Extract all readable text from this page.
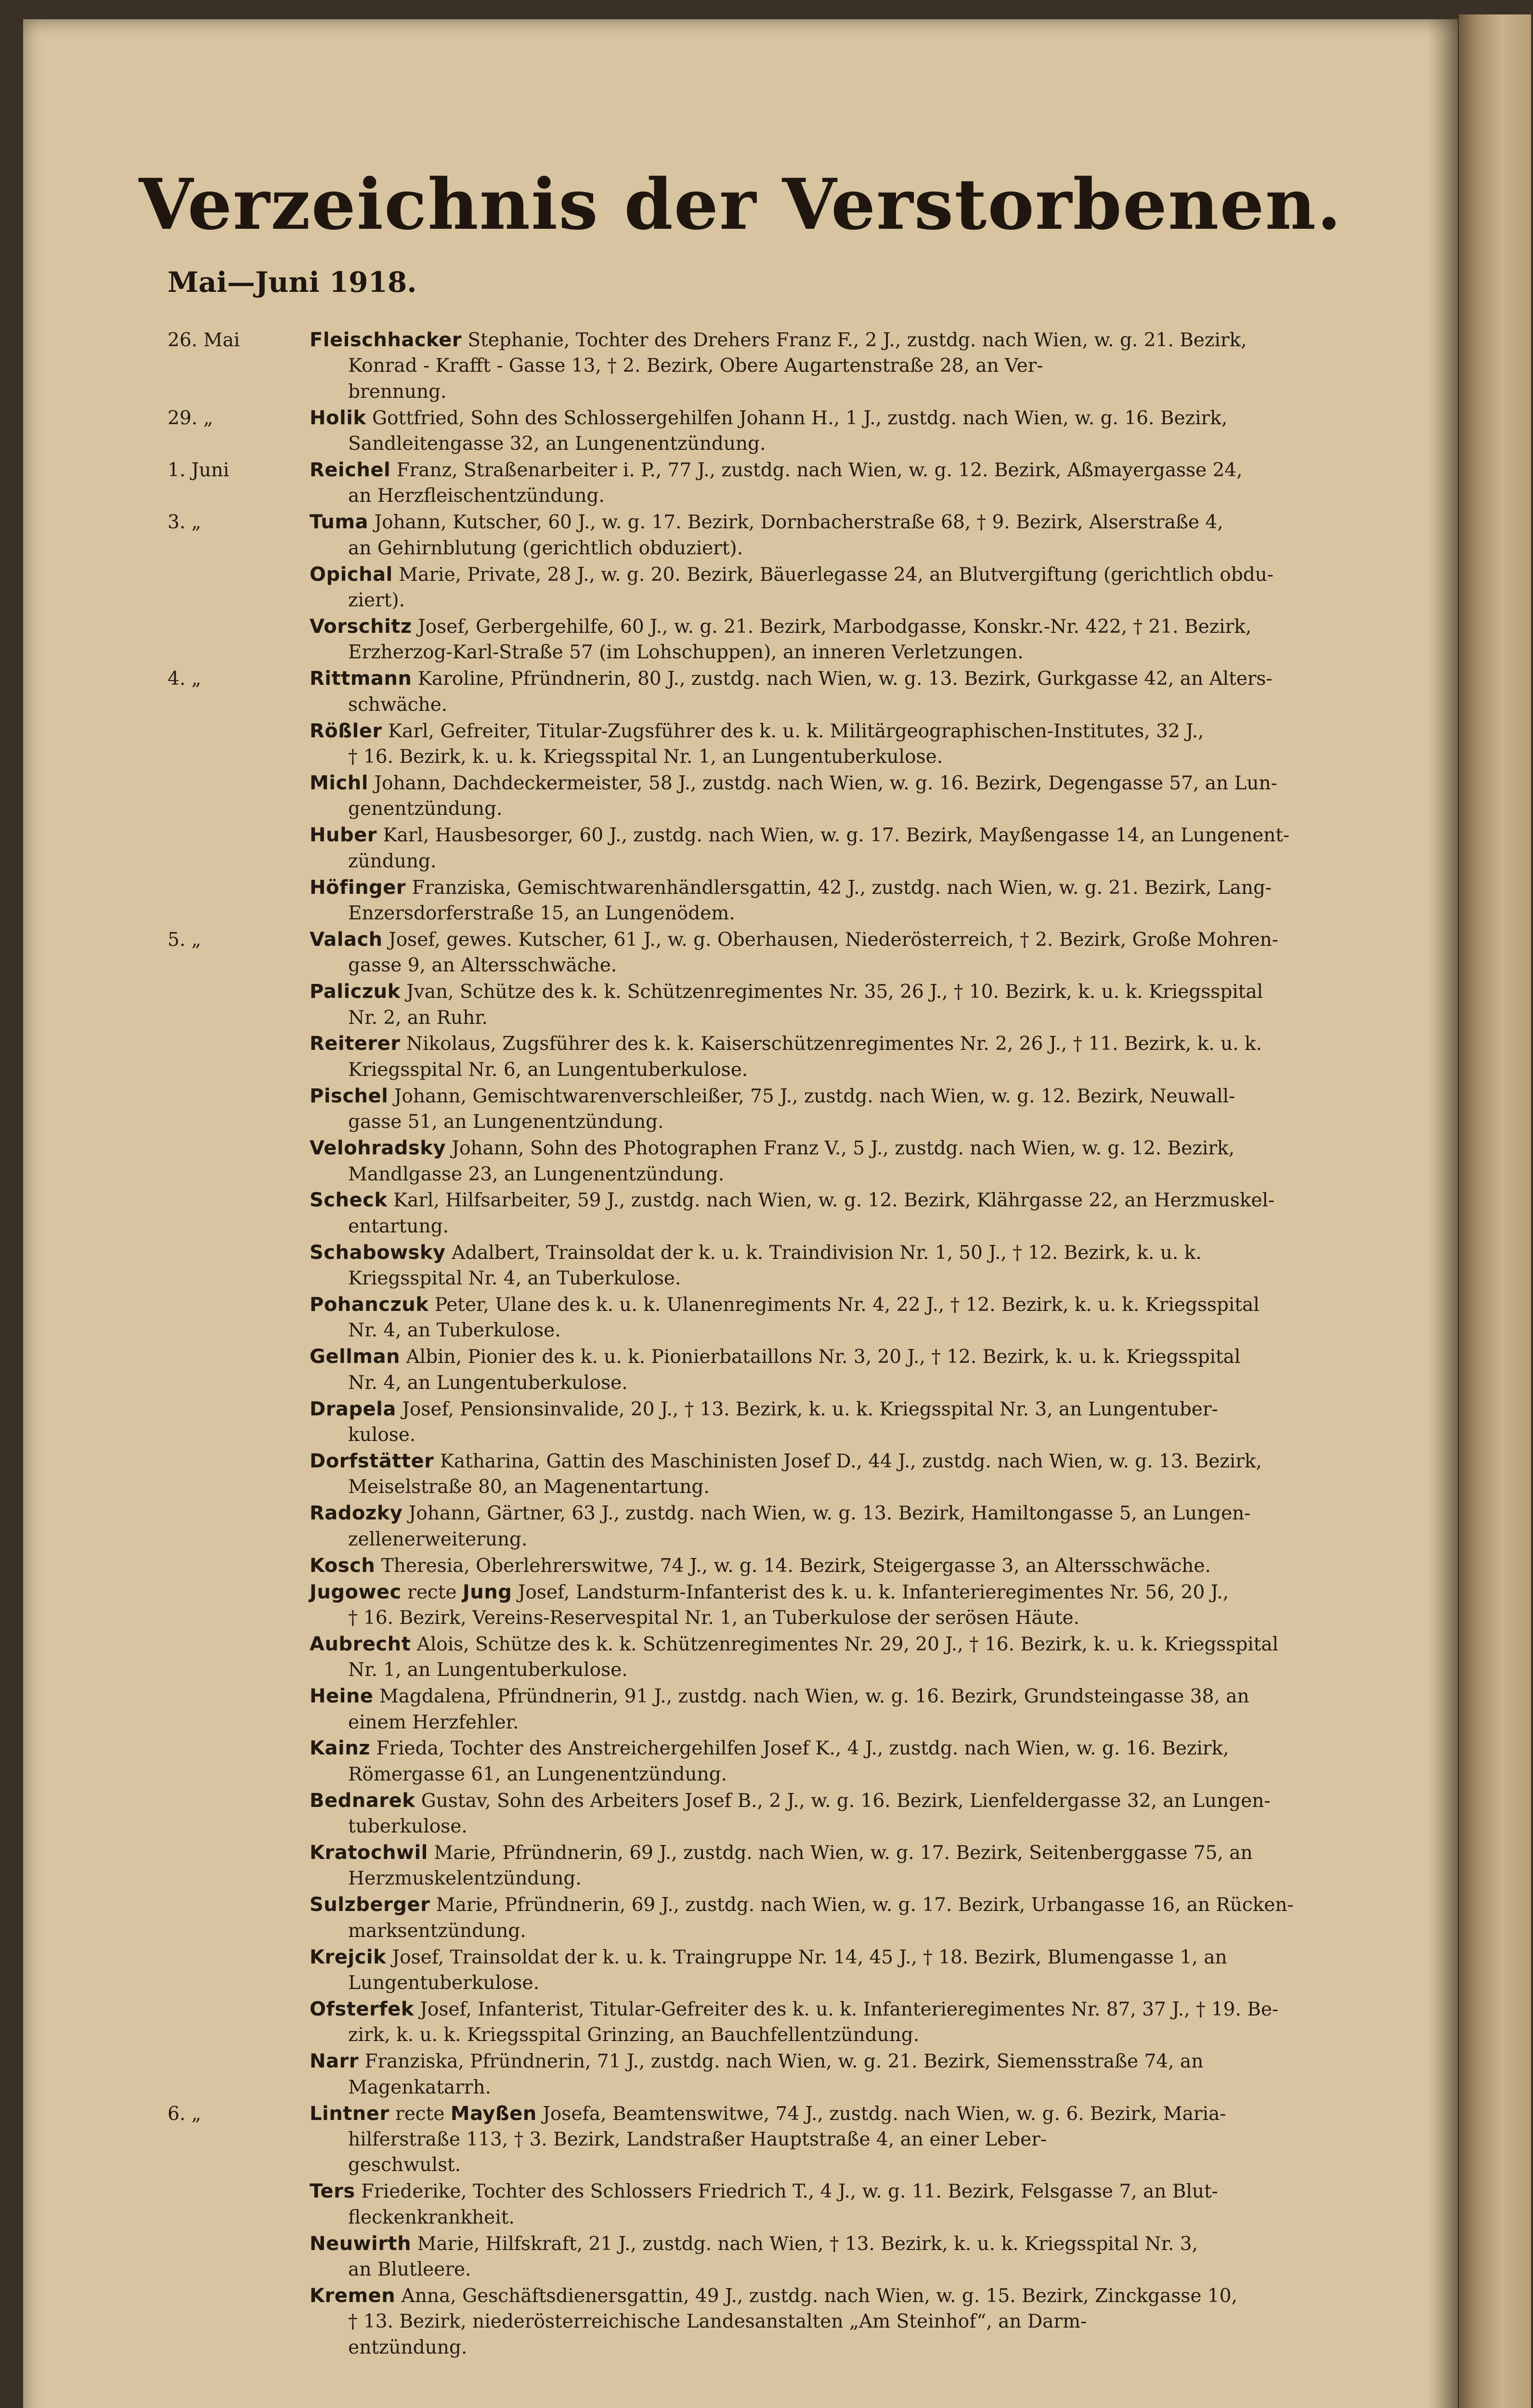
Verzeichnis der Verstorbenen.
Mai—Juni 1918.
26. Mai	Fleischhacker Stephanie, Tochter des Drehers Franz F., 2 J., zustdg. nach Wien, w. g. 21. Bezirk,
Konrad - Krafft - Gasse 13, † 2. Bezirk, Obere Augartenstraße 28, an Ver-
brennung.
29. „	Holik Gottfried, Sohn des Schlossergehilfen Johann H., 1 J., zustdg. nach Wien, w. g. 16. Bezirk,
Sandleitengasse 32, an Lungenentzündung.
1. Juni	Reichel Franz, Straßenarbeiter i. P., 77 J., zustdg. nach Wien, w. g. 12. Bezirk, Aßmayergasse 24,
an Herzfleischentzündung.
3. „	Tuma Johann, Kutscher, 60 J., w. g. 17. Bezirk, Dornbacherstraße 68, † 9. Bezirk, Alserstraße 4,
an Gehirnblutung (gerichtlich obduziert).
Opichal Marie, Private, 28 J., w. g. 20. Bezirk, Bäuerlegasse 24, an Blutvergiftung (gerichtlich obdu-
ziert).
Vorschitz Josef, Gerbergehilfe, 60 J., w. g. 21. Bezirk, Marbodgasse, Konskr.-Nr. 422, † 21. Bezirk,
Erzherzog-Karl-Straße 57 (im Lohschuppen), an inneren Verletzungen.
4. „	Rittmann Karoline, Pfründnerin, 80 J., zustdg. nach Wien, w. g. 13. Bezirk, Gurkgasse 42, an Alters-
schwäche.
Rößler Karl, Gefreiter, Titular-Zugsführer des k. u. k. Militärgeographischen-Institutes, 32 J.,
† 16. Bezirk, k. u. k. Kriegsspital Nr. 1, an Lungentuberkulose.
Michl Johann, Dachdeckermeister, 58 J., zustdg. nach Wien, w. g. 16. Bezirk, Degengasse 57, an Lun-
genentzündung.
Huber Karl, Hausbesorger, 60 J., zustdg. nach Wien, w. g. 17. Bezirk, Mayßengasse 14, an Lungenent-
zündung.
Höfinger Franziska, Gemischtwarenhändlersgattin, 42 J., zustdg. nach Wien, w. g. 21. Bezirk, Lang-
Enzersdorferstraße 15, an Lungenödem.
5. „	Valach Josef, gewes. Kutscher, 61 J., w. g. Oberhausen, Niederösterreich, † 2. Bezirk, Große Mohren-
gasse 9, an Altersschwäche.
Paliczuk Jvan, Schütze des k. k. Schützenregimentes Nr. 35, 26 J., † 10. Bezirk, k. u. k. Kriegsspital
Nr. 2, an Ruhr.
Reiterer Nikolaus, Zugsführer des k. k. Kaiserschützenregimentes Nr. 2, 26 J., † 11. Bezirk, k. u. k.
Kriegsspital Nr. 6, an Lungentuberkulose.
Pischel Johann, Gemischtwarenverschleißer, 75 J., zustdg. nach Wien, w. g. 12. Bezirk, Neuwall-
gasse 51, an Lungenentzündung.
Velohradsky Johann, Sohn des Photographen Franz V., 5 J., zustdg. nach Wien, w. g. 12. Bezirk,
Mandlgasse 23, an Lungenentzündung.
Scheck Karl, Hilfsarbeiter, 59 J., zustdg. nach Wien, w. g. 12. Bezirk, Klährgasse 22, an Herzmuskel-
entartung.
Schabowsky Adalbert, Trainsoldat der k. u. k. Traindivision Nr. 1, 50 J., † 12. Bezirk, k. u. k.
Kriegsspital Nr. 4, an Tuberkulose.
Pohanczuk Peter, Ulane des k. u. k. Ulanenregiments Nr. 4, 22 J., † 12. Bezirk, k. u. k. Kriegsspital
Nr. 4, an Tuberkulose.
Gellman Albin, Pionier des k. u. k. Pionierbataillons Nr. 3, 20 J., † 12. Bezirk, k. u. k. Kriegsspital
Nr. 4, an Lungentuberkulose.
Drapela Josef, Pensionsinvalide, 20 J., † 13. Bezirk, k. u. k. Kriegsspital Nr. 3, an Lungentuber-
kulose.
Dorfstätter Katharina, Gattin des Maschinisten Josef D., 44 J., zustdg. nach Wien, w. g. 13. Bezirk,
Meiselstraße 80, an Magenentartung.
Radozky Johann, Gärtner, 63 J., zustdg. nach Wien, w. g. 13. Bezirk, Hamiltongasse 5, an Lungen-
zellenerweiterung.
Kosch Theresia, Oberlehrerswitwe, 74 J., w. g. 14. Bezirk, Steigergasse 3, an Altersschwäche.
Jugowec recte Jung Josef, Landsturm-Infanterist des k. u. k. Infanterieregimentes Nr. 56, 20 J.,
† 16. Bezirk, Vereins-Reservespital Nr. 1, an Tuberkulose der serösen Häute.
Aubrecht Alois, Schütze des k. k. Schützenregimentes Nr. 29, 20 J., † 16. Bezirk, k. u. k. Kriegsspital
Nr. 1, an Lungentuberkulose.
Heine Magdalena, Pfründnerin, 91 J., zustdg. nach Wien, w. g. 16. Bezirk, Grundsteingasse 38, an
einem Herzfehler.
Kainz Frieda, Tochter des Anstreichergehilfen Josef K., 4 J., zustdg. nach Wien, w. g. 16. Bezirk,
Römergasse 61, an Lungenentzündung.
Bednarek Gustav, Sohn des Arbeiters Josef B., 2 J., w. g. 16. Bezirk, Lienfeldergasse 32, an Lungen-
tuberkulose.
Kratochwil Marie, Pfründnerin, 69 J., zustdg. nach Wien, w. g. 17. Bezirk, Seitenberggasse 75, an
Herzmuskelentzündung.
Sulzberger Marie, Pfründnerin, 69 J., zustdg. nach Wien, w. g. 17. Bezirk, Urbangasse 16, an Rücken-
marksentzündung.
Krejcik Josef, Trainsoldat der k. u. k. Traingruppe Nr. 14, 45 J., † 18. Bezirk, Blumengasse 1, an
Lungentuberkulose.
Ofsterfek Josef, Infanterist, Titular-Gefreiter des k. u. k. Infanterieregimentes Nr. 87, 37 J., † 19. Be-
zirk, k. u. k. Kriegsspital Grinzing, an Bauchfellentzündung.
Narr Franziska, Pfründnerin, 71 J., zustdg. nach Wien, w. g. 21. Bezirk, Siemensstraße 74, an
Magenkatarrh.
6. „	Lintner recte Mayßen Josefa, Beamtenswitwe, 74 J., zustdg. nach Wien, w. g. 6. Bezirk, Maria-
hilferstraße 113, † 3. Bezirk, Landstraßer Hauptstraße 4, an einer Leber-
geschwulst.
Ters Friederike, Tochter des Schlossers Friedrich T., 4 J., w. g. 11. Bezirk, Felsgasse 7, an Blut-
fleckenkrankheit.
Neuwirth Marie, Hilfskraft, 21 J., zustdg. nach Wien, † 13. Bezirk, k. u. k. Kriegsspital Nr. 3,
an Blutleere.
Kremen Anna, Geschäftsdienersgattin, 49 J., zustdg. nach Wien, w. g. 15. Bezirk, Zinckgasse 10,
† 13. Bezirk, niederösterreichische Landesanstalten „Am Steinhof“, an Darm-
entzündung.
